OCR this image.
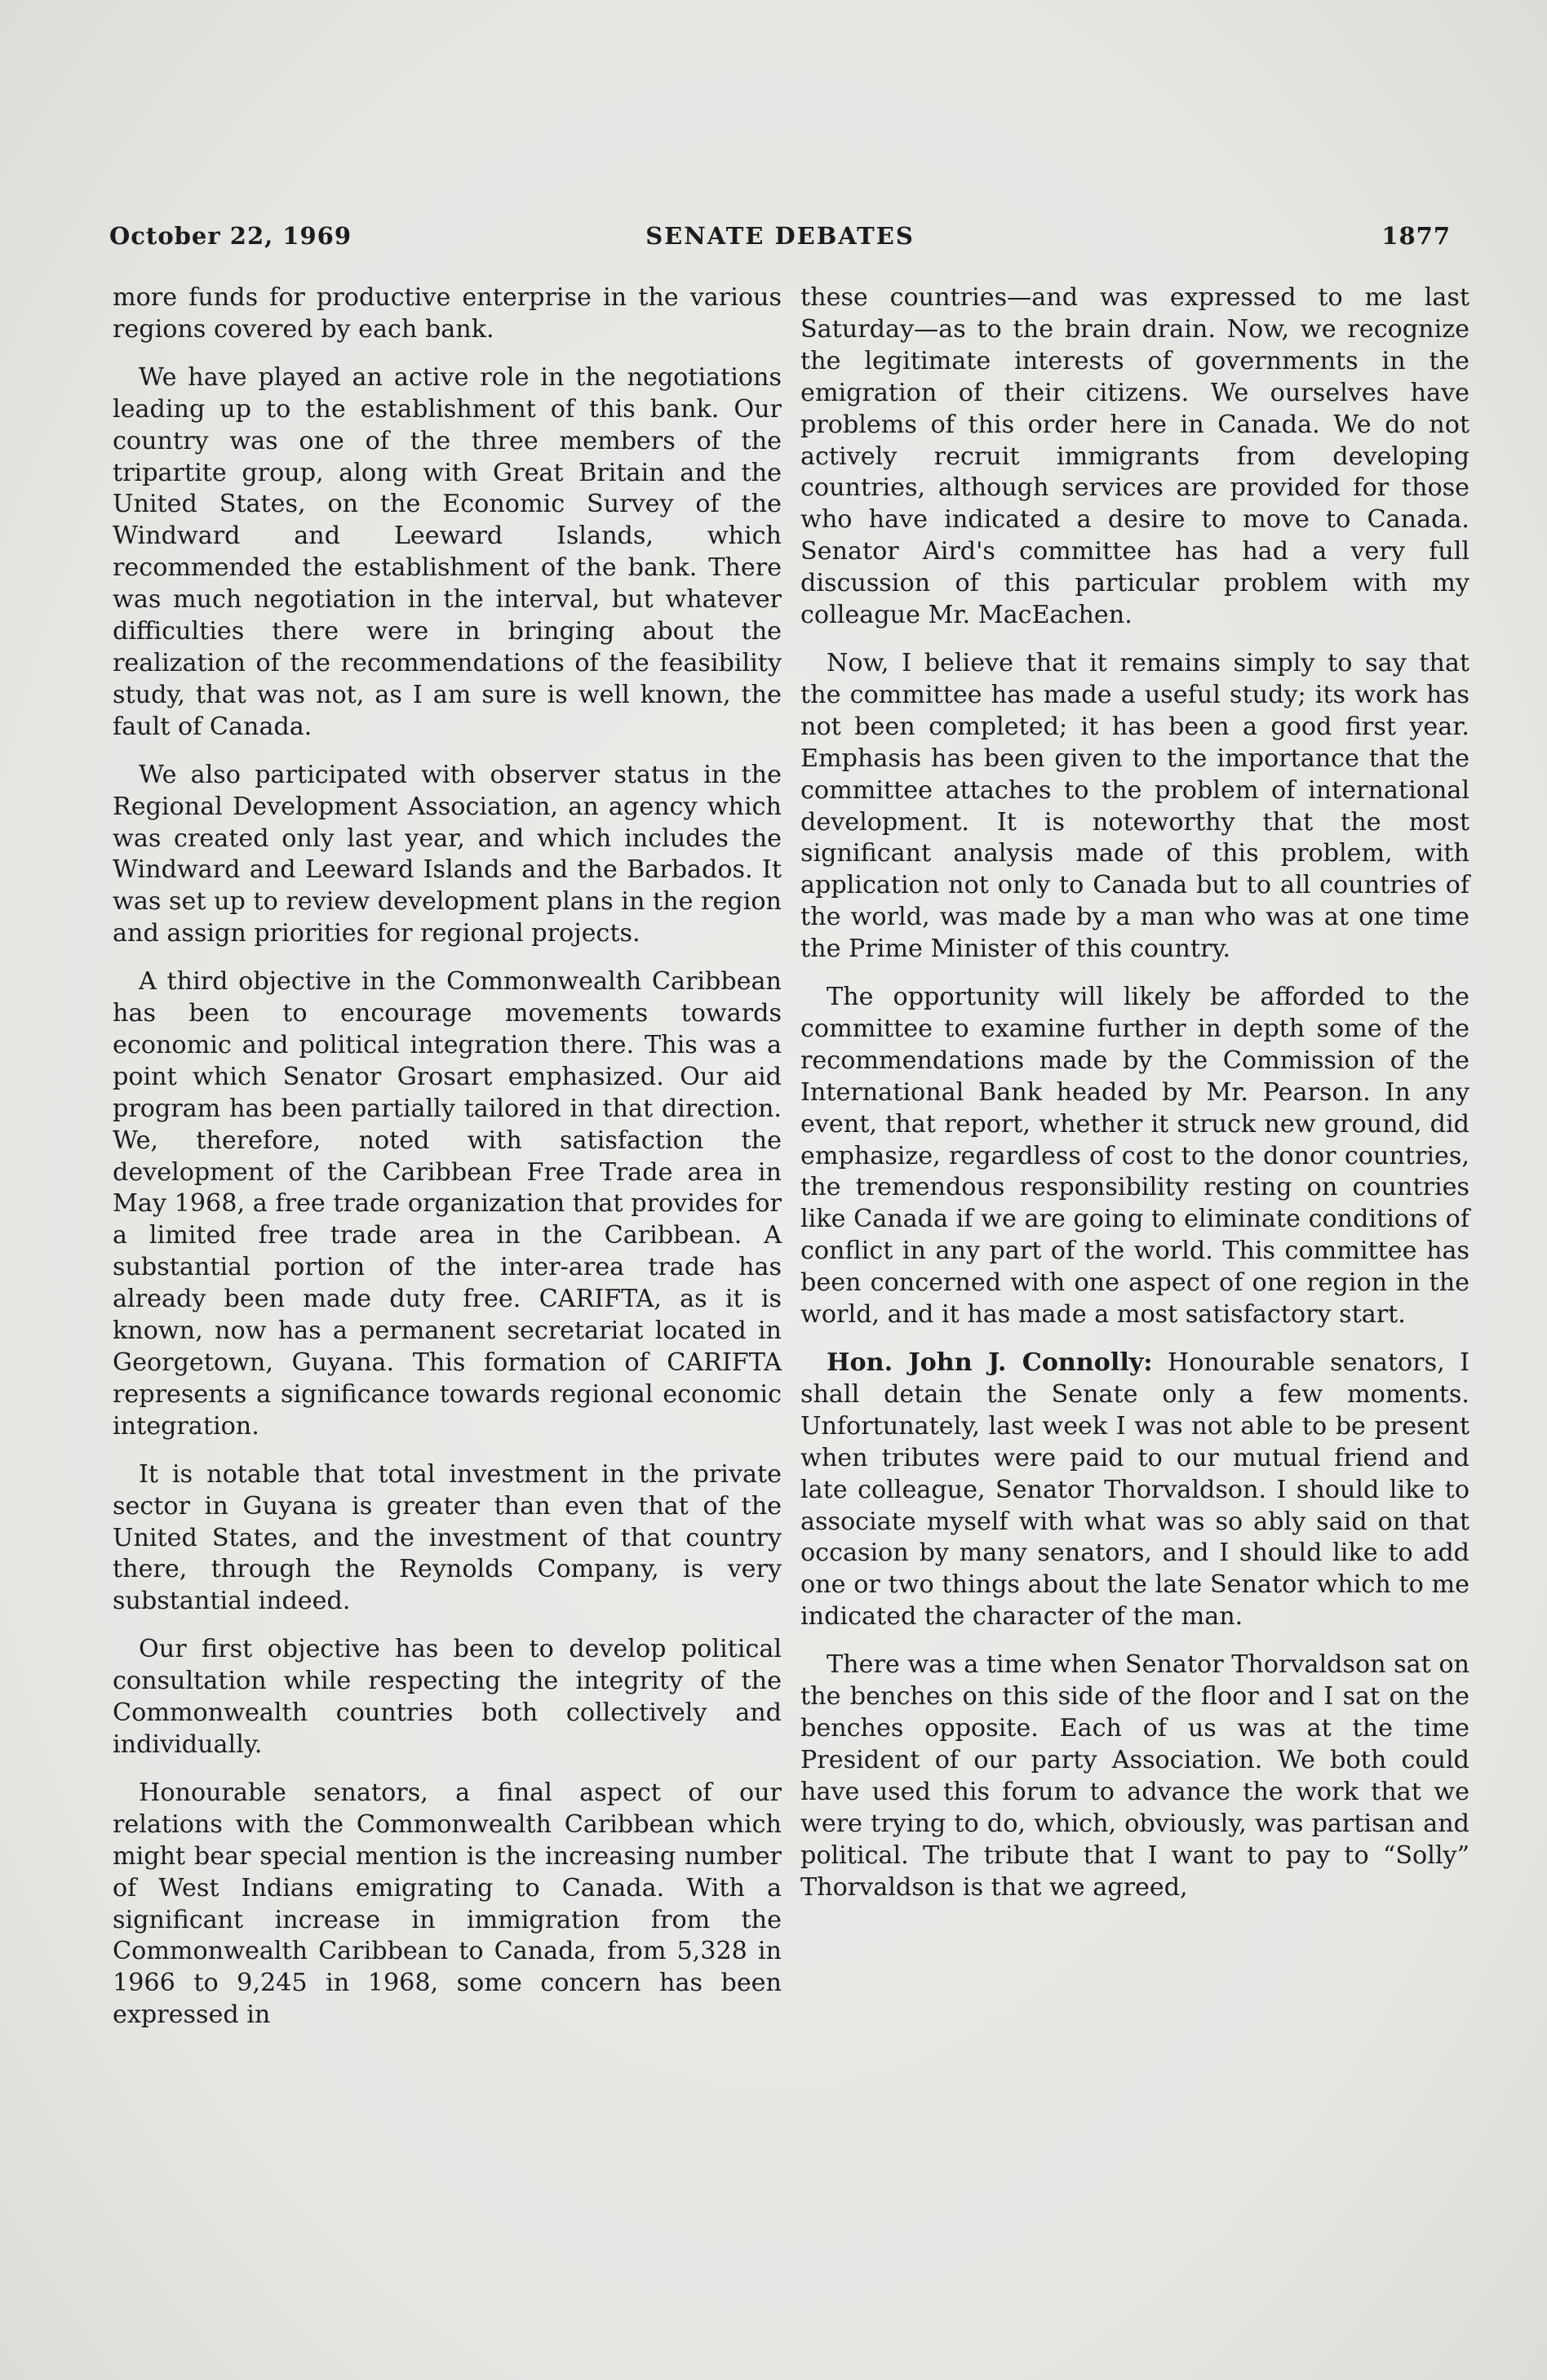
October 22, 1969	SENATE DEBATES	1877

more funds for productive enterprise in the various regions covered by each bank.

We have played an active role in the negotiations leading up to the establishment of this bank. Our country was one of the three members of the tripartite group, along with Great Britain and the United States, on the Economic Survey of the Windward and Leeward Islands, which recommended the establishment of the bank. There was much negotiation in the interval, but whatever difficulties there were in bringing about the realization of the recommendations of the feasibility study, that was not, as I am sure is well known, the fault of Canada.

We also participated with observer status in the Regional Development Association, an agency which was created only last year, and which includes the Windward and Leeward Islands and the Barbados. It was set up to review development plans in the region and assign priorities for regional projects.

A third objective in the Commonwealth Caribbean has been to encourage movements towards economic and political integration there. This was a point which Senator Grosart emphasized. Our aid program has been partially tailored in that direction. We, therefore, noted with satisfaction the development of the Caribbean Free Trade area in May 1968, a free trade organization that provides for a limited free trade area in the Caribbean. A substantial portion of the inter-area trade has already been made duty free. CARIFTA, as it is known, now has a permanent secretariat located in Georgetown, Guyana. This formation of CARIFTA represents a significance towards regional economic integration.

It is notable that total investment in the private sector in Guyana is greater than even that of the United States, and the investment of that country there, through the Reynolds Company, is very substantial indeed.

Our first objective has been to develop political consultation while respecting the integrity of the Commonwealth countries both collectively and individually.

Honourable senators, a final aspect of our relations with the Commonwealth Caribbean which might bear special mention is the increasing number of West Indians emigrating to Canada. With a significant increase in immigration from the Commonwealth Caribbean to Canada, from 5,328 in 1966 to 9,245 in 1968, some concern has been expressed in

these countries—and was expressed to me last Saturday—as to the brain drain. Now, we recognize the legitimate interests of governments in the emigration of their citizens. We ourselves have problems of this order here in Canada. We do not actively recruit immigrants from developing countries, although services are provided for those who have indicated a desire to move to Canada. Senator Aird's committee has had a very full discussion of this particular problem with my colleague Mr. MacEachen.

Now, I believe that it remains simply to say that the committee has made a useful study; its work has not been completed; it has been a good first year. Emphasis has been given to the importance that the committee attaches to the problem of international development. It is noteworthy that the most significant analysis made of this problem, with application not only to Canada but to all countries of the world, was made by a man who was at one time the Prime Minister of this country.

The opportunity will likely be afforded to the committee to examine further in depth some of the recommendations made by the Commission of the International Bank headed by Mr. Pearson. In any event, that report, whether it struck new ground, did emphasize, regardless of cost to the donor countries, the tremendous responsibility resting on countries like Canada if we are going to eliminate conditions of conflict in any part of the world. This committee has been concerned with one aspect of one region in the world, and it has made a most satisfactory start.

Hon. John J. Connolly: Honourable senators, I shall detain the Senate only a few moments. Unfortunately, last week I was not able to be present when tributes were paid to our mutual friend and late colleague, Senator Thorvaldson. I should like to associate myself with what was so ably said on that occasion by many senators, and I should like to add one or two things about the late Senator which to me indicated the character of the man.

There was a time when Senator Thorvaldson sat on the benches on this side of the floor and I sat on the benches opposite. Each of us was at the time President of our party Association. We both could have used this forum to advance the work that we were trying to do, which, obviously, was partisan and political. The tribute that I want to pay to “Solly” Thorvaldson is that we agreed,
